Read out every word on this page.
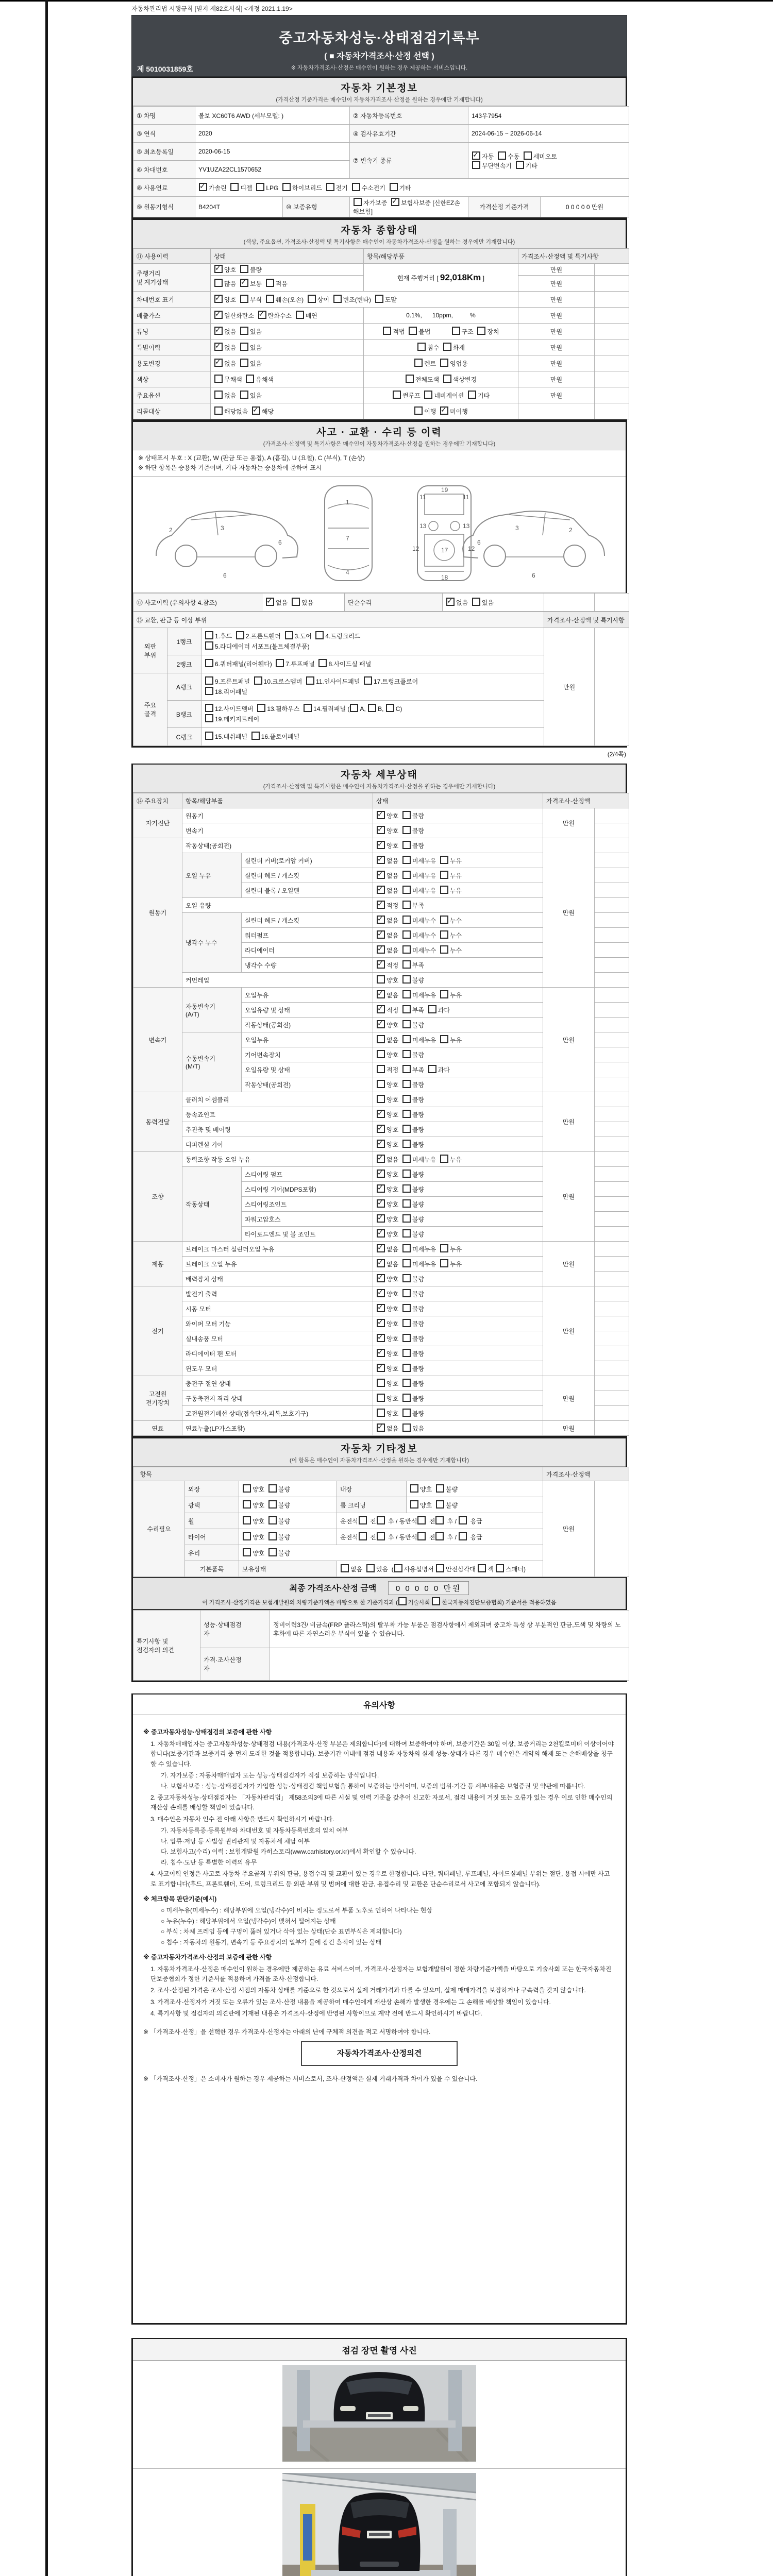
자동차관리법 시행규칙 [별지 제82호서식] <개정 2021.1.19>
중고자동차성능·상태점검기록부
( ■ 자동차가격조사·산정 선택 )
※ 자동차가격조사·산정은 매수인이 원하는 경우 제공하는 서비스입니다.
제 5010031859호
자동차 기본정보
(가격산정 기준가격은 매수인이 자동차가격조사·산정을 원하는 경우에만 기재합니다)
① 차명	볼보 XC60T6 AWD (세부모델: )		② 자동차등록번호	143우7954	
③ 연식	2020		④ 검사유효기간	2024-06-15 ~ 2026-06-14	
⑤ 최초등록일	2020-06-15		⑦ 변속기 종류	✓자동  수동  세미오토
무단변속기  기타
⑥ 차대번호	YV1UZA22CL1570652				
⑧ 사용연료	✓가솔린  디젤  LPG  하이브리드  전기  수소전기  기타
⑨ 원동기형식	B4204T	⑩ 보증유형	자가보증   ✓보험사보증 [신한EZ손해보험]	가격산정 기준가격	0 0 0 0 0 만원
자동차 종합상태
(색상, 주요옵션, 가격조사·산정액 및 특기사항은 매수인이 자동차가격조사·산정을 원하는 경우에만 기재합니다)
⑪ 사용이력	상태	항목/해당부품	가격조사·산정액 및 특기사항	
주행거리
및 계기상태	✓양호  불량	현재 주행거리 [ 92,018Km ]	만원	
	많음   ✓보통  적음		만원	
차대번호 표기	✓양호  부식  훼손(오손)  상이  변조(변타)  도말		만원	
배출가스	✓일산화탄소   ✓탄화수소  매연	0.1%,      10ppm,          %	만원	
튜닝	✓없음  있음	적법  불법            구조  장치	만원	
특별이력	✓없음  있음	침수  화재	만원	
용도변경	✓없음  있음	렌트  영업용	만원	
색상	무채색  유채색	전체도색  색상변경	만원	
주요옵션	없음  있음	썬루프  네비게이션  기타	만원	
리콜대상	해당없음   ✓해당	이행   ✓미이행		
사고 · 교환 · 수리 등 이력
(가격조사·산정액 및 특기사항은 매수인이 자동차가격조사·산정을 원하는 경우에만 기재합니다)
※ 상태표시 부호 : X (교환), W (판금 또는 용접), A (흠집), U (요철), C (부식), T (손상)
※ 하단 항목은 승용차 기준이며, 기타 자동차는 승용차에 준하여 표시
2	3
6
6
1
7
4
11	11
13	13
19
12	12
17
18
3	2
6
6
⑫ 사고이력 (유의사항 4.참조)	✓없음  있음	단순수리	✓없음  있음		
⑬ 교환, 판금 등 이상 부위			가격조사·산정액 및 특기사항	
외판
부위	1랭크	1.후드  2.프론트휀더  3.도어  4.트렁크리드
5.라디에이터 서포트(볼트체결부품)	만원	
	2랭크	6.쿼터패널(리어휀다)  7.루프패널  8.사이드실 패널		
주요
골격	A랭크	9.프론트패널  10.크로스멤버  11.인사이드패널  17.트렁크플로어
18.리어패널		
	B랭크	12.사이드멤버  13.휠하우스  14.필러패널 ( A, B, C)
19.페키지트레이		
	C랭크	15.대쉬패널  16.플로어패널		
(2/4쪽)
자동차 세부상태
(가격조사·산정액 및 특기사항은 매수인이 자동차가격조사·산정을 원하는 경우에만 기재합니다)
⑭ 주요장치	항목/해당부품		상태	가격조사·산정액	
자기진단	원동기	✓양호  불량	만원	
	변속기	✓양호  불량	
원동기	작동상태(공회전)	✓양호  불량	만원	
	오일 누유	실린더 커버(로커암 커버)	✓없음  미세누유  누유	
		실린더 헤드 / 개스킷	✓없음  미세누유  누유	
		실린더 블록 / 오일팬	✓없음  미세누유  누유	
	오일 유량	✓적정  부족	
	냉각수 누수	실린더 헤드 / 개스킷	✓없음  미세누수  누수	
		워터펌프	✓없음  미세누수  누수	
		라디에이터	✓없음  미세누수  누수	
		냉각수 수량	✓적정  부족	
	커먼레일		양호  불량		
변속기	자동변속기
(A/T)	오일누유	✓없음  미세누유  누유	만원	
		오일유량 및 상태	✓적정  부족  과다	
		작동상태(공회전)	✓양호  불량	
	수동변속기
(M/T)	오일누유	없음  미세누유  누유		
		기어변속장치	양호  불량		
		오일유량 및 상태	적정  부족  과다		
		작동상태(공회전)	양호  불량		
동력전달	클러치 어셈블리		양호  불량	만원	
	등속죠인트	✓양호  불량	
	추진축 및 베어링	✓양호  불량	
	디퍼렌셜 기어	✓양호  불량	
조향	동력조향 작동 오일 누유	✓없음  미세누유  누유	만원	
	작동상태	스티어링 펌프	✓양호  불량	
		스티어링 기어(MDPS포함)	✓양호  불량	
		스티어링조인트	✓양호  불량	
		파워고압호스	✓양호  불량	
		타이로드엔드 및 볼 조인트	✓양호  불량	
제동	브레이크 마스터 실린더오일 누유	✓없음  미세누유  누유	만원	
	브레이크 오일 누유	✓없음  미세누유  누유	
	배력장치 상태	✓양호  불량	
전기	발전기 출력	✓양호  불량	만원	
	시동 모터	✓양호  불량	
	와이퍼 모터 기능	✓양호  불량	
	실내송풍 모터	✓양호  불량	
	라디에이터 팬 모터	✓양호  불량	
	윈도우 모터	✓양호  불량	
고전원
전기장치	충전구 절연 상태		양호  불량	만원	
	구동축전지 격리 상태		양호  불량		
	고전원전기배선 상태(접속단자,피복,보호기구)		양호  불량		
연료	연료누출(LP가스포함)	✓없음  있음	만원	
자동차 기타정보
(이 항목은 매수인이 자동차가격조사·산정을 원하는 경우에만 기재합니다)
항목					가격조사·산정액	
수리필요	외장	양호  불량	내장	양호  불량	만원	
	광택	양호  불량	룸 크리닝	양호  불량		
	휠	양호  불량	운전석 전 후 / 동반석 전 후 /  응급			
	타이어	양호  불량	운전석 전 후 / 동반석 전 후 /  응급			
	유리	양호  불량				
	기본품목	보유상태	없음  있음  ( 사용설명서 안전삼각대 잭 스패너)			
최종 가격조사·산정 금액 0 0 0 0 0 만원
이 가격조사·산정가격은 보험개발원의 차량기준가액을 바탕으로 한 기준가격과 ( 기술사회 한국자동차진단보증협회) 기준서를 적용하였음
특기사항 및
점검자의 의견	성능·상태점검
자	정비이력3건/ 비금속(FRP 플라스틱)의 탈부착 가능 부품은 점검사항에서 제외되며 중고차 특성 상 부분적인 판금,도색 및 차량의 노후화에 따른 자연스러운 부식이 있을 수 있습니다.
	가격·조사산정
자	
유의사항
※ 중고자동차성능·상태점검의 보증에 관한 사항
1. 자동차매매업자는 중고자동차성능·상태점검 내용(가격조사·산정 부분은 제외합니다)에 대하여 보증하여야 하며, 보증기간은 30일 이상, 보증거리는 2천킬로미터 이상이어야 합니다(보증기간과 보증거리 중 먼저 도래한 것을 적용합니다). 보증기간 이내에 점검 내용과 자동차의 실제 성능·상태가 다른 경우 매수인은 계약의 해제 또는 손해배상을 청구할 수 있습니다.
가. 자가보증 : 자동차매매업자 또는 성능·상태점검자가 직접 보증하는 방식입니다.
나. 보험사보증 : 성능·상태점검자가 가입한 성능·상태점검 책임보험을 통하여 보증하는 방식이며, 보증의 범위·기간 등 세부내용은 보험증권 및 약관에 따릅니다.
2. 중고자동차성능·상태점검자는 「자동차관리법」 제58조의3에 따른 시설 및 인력 기준을 갖추어 신고한 자로서, 점검 내용에 거짓 또는 오류가 있는 경우 이로 인한 매수인의 재산상 손해를 배상할 책임이 있습니다.
3. 매수인은 자동차 인수 전 아래 사항을 반드시 확인하시기 바랍니다.
가. 자동차등록증·등록원부와 차대번호 및 자동차등록번호의 일치 여부
나. 압류·저당 등 사법상 권리관계 및 자동차세 체납 여부
다. 보험사고(수리) 이력 : 보험개발원 카히스토리(www.carhistory.or.kr)에서 확인할 수 있습니다.
라. 침수·도난 등 특별한 이력의 유무
4. 사고이력 인정은 사고로 자동차 주요골격 부위의 판금, 용접수리 및 교환이 있는 경우로 한정합니다. 다만, 쿼터패널, 루프패널, 사이드실패널 부위는 절단, 용접 시에만 사고로 표기합니다(후드, 프론트휀더, 도어, 트렁크리드 등 외판 부위 및 범퍼에 대한 판금, 용접수리 및 교환은 단순수리로서 사고에 포함되지 않습니다).
※ 체크항목 판단기준(예시)
○ 미세누유(미세누수) : 해당부위에 오일(냉각수)이 비치는 정도로서 부품 노후로 인하여 나타나는 현상
○ 누유(누수) : 해당부위에서 오일(냉각수)이 맺혀서 떨어지는 상태
○ 부식 : 차체 프레임 등에 구멍이 뚫려 있거나 삭아 있는 상태(단순 표면부식은 제외합니다)
○ 침수 : 자동차의 원동기, 변속기 등 주요장치의 일부가 물에 잠긴 흔적이 있는 상태
※ 중고자동차가격조사·산정의 보증에 관한 사항
1. 자동차가격조사·산정은 매수인이 원하는 경우에만 제공하는 유료 서비스이며, 가격조사·산정자는 보험개발원이 정한 차량기준가액을 바탕으로 기술사회 또는 한국자동차진단보증협회가 정한 기준서를 적용하여 가격을 조사·산정합니다.
2. 조사·산정된 가격은 조사·산정 시점의 자동차 상태를 기준으로 한 것으로서 실제 거래가격과 다를 수 있으며, 실제 매매가격을 보장하거나 구속력을 갖지 않습니다.
3. 가격조사·산정자가 거짓 또는 오류가 있는 조사·산정 내용을 제공하여 매수인에게 재산상 손해가 발생한 경우에는 그 손해를 배상할 책임이 있습니다.
4. 특기사항 및 점검자의 의견란에 기재된 내용은 가격조사·산정에 반영된 사항이므로 계약 전에 반드시 확인하시기 바랍니다.
※ 「가격조사·산정」을 선택한 경우 가격조사·산정자는 아래의 난에 구체적 의견을 적고 서명하여야 합니다.
자동차가격조사·산정의견
※ 「가격조사·산정」은 소비자가 원하는 경우 제공하는 서비스로서, 조사·산정액은 실제 거래가격과 차이가 있을 수 있습니다.
점검 장면 촬영 사진
